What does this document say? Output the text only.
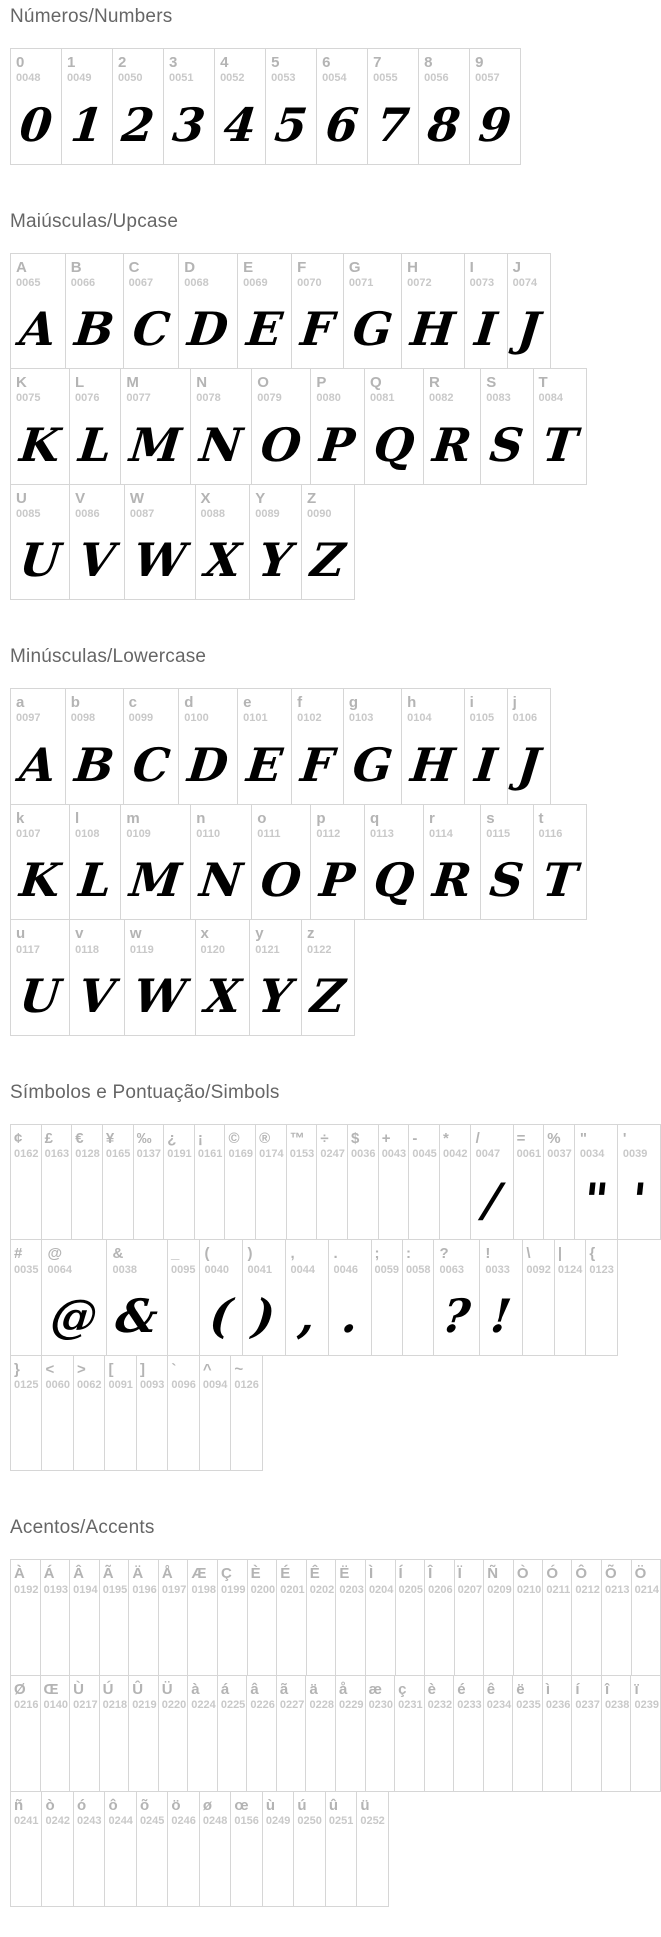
Números/Numbers
0
0048
0
1
0049
1
2
0050
2
3
0051
3
4
0052
4
5
0053
5
6
0054
6
7
0055
7
8
0056
8
9
0057
9
Maiúsculas/Upcase
A
0065
A
B
0066
B
C
0067
C
D
0068
D
E
0069
E
F
0070
F
G
0071
G
H
0072
H
I
0073
I
J
0074
J
K
0075
K
L
0076
L
M
0077
M
N
0078
N
O
0079
O
P
0080
P
Q
0081
Q
R
0082
R
S
0083
S
T
0084
T
U
0085
U
V
0086
V
W
0087
W
X
0088
X
Y
0089
Y
Z
0090
Z
Minúsculas/Lowercase
a
0097
A
b
0098
B
c
0099
C
d
0100
D
e
0101
E
f
0102
F
g
0103
G
h
0104
H
i
0105
I
j
0106
J
k
0107
K
l
0108
L
m
0109
M
n
0110
N
o
0111
O
p
0112
P
q
0113
Q
r
0114
R
s
0115
S
t
0116
T
u
0117
U
v
0118
V
w
0119
W
x
0120
X
y
0121
Y
z
0122
Z
Símbolos e Pontuação/Simbols
¢
0162
£
0163
€
0128
¥
0165
‰
0137
¿
0191
¡
0161
©
0169
®
0174
™
0153
÷
0247
$
0036
+
0043
-
0045
*
0042
/
0047
/
=
0061
%
0037
"
0034
"
'
0039
'
#
0035
@
0064
@
&
0038
&
_
0095
(
0040
(
)
0041
)
,
0044
,
.
0046
.
;
0059
:
0058
?
0063
?
!
0033
!
\
0092
|
0124
{
0123
}
0125
<
0060
>
0062
[
0091
]
0093
`
0096
^
0094
~
0126
Acentos/Accents
À
0192
Á
0193
Â
0194
Ã
0195
Ä
0196
Å
0197
Æ
0198
Ç
0199
È
0200
É
0201
Ê
0202
Ë
0203
Ì
0204
Í
0205
Î
0206
Ï
0207
Ñ
0209
Ò
0210
Ó
0211
Ô
0212
Õ
0213
Ö
0214
Ø
0216
Œ
0140
Ù
0217
Ú
0218
Û
0219
Ü
0220
à
0224
á
0225
â
0226
ã
0227
ä
0228
å
0229
æ
0230
ç
0231
è
0232
é
0233
ê
0234
ë
0235
ì
0236
í
0237
î
0238
ï
0239
ñ
0241
ò
0242
ó
0243
ô
0244
õ
0245
ö
0246
ø
0248
œ
0156
ù
0249
ú
0250
û
0251
ü
0252
